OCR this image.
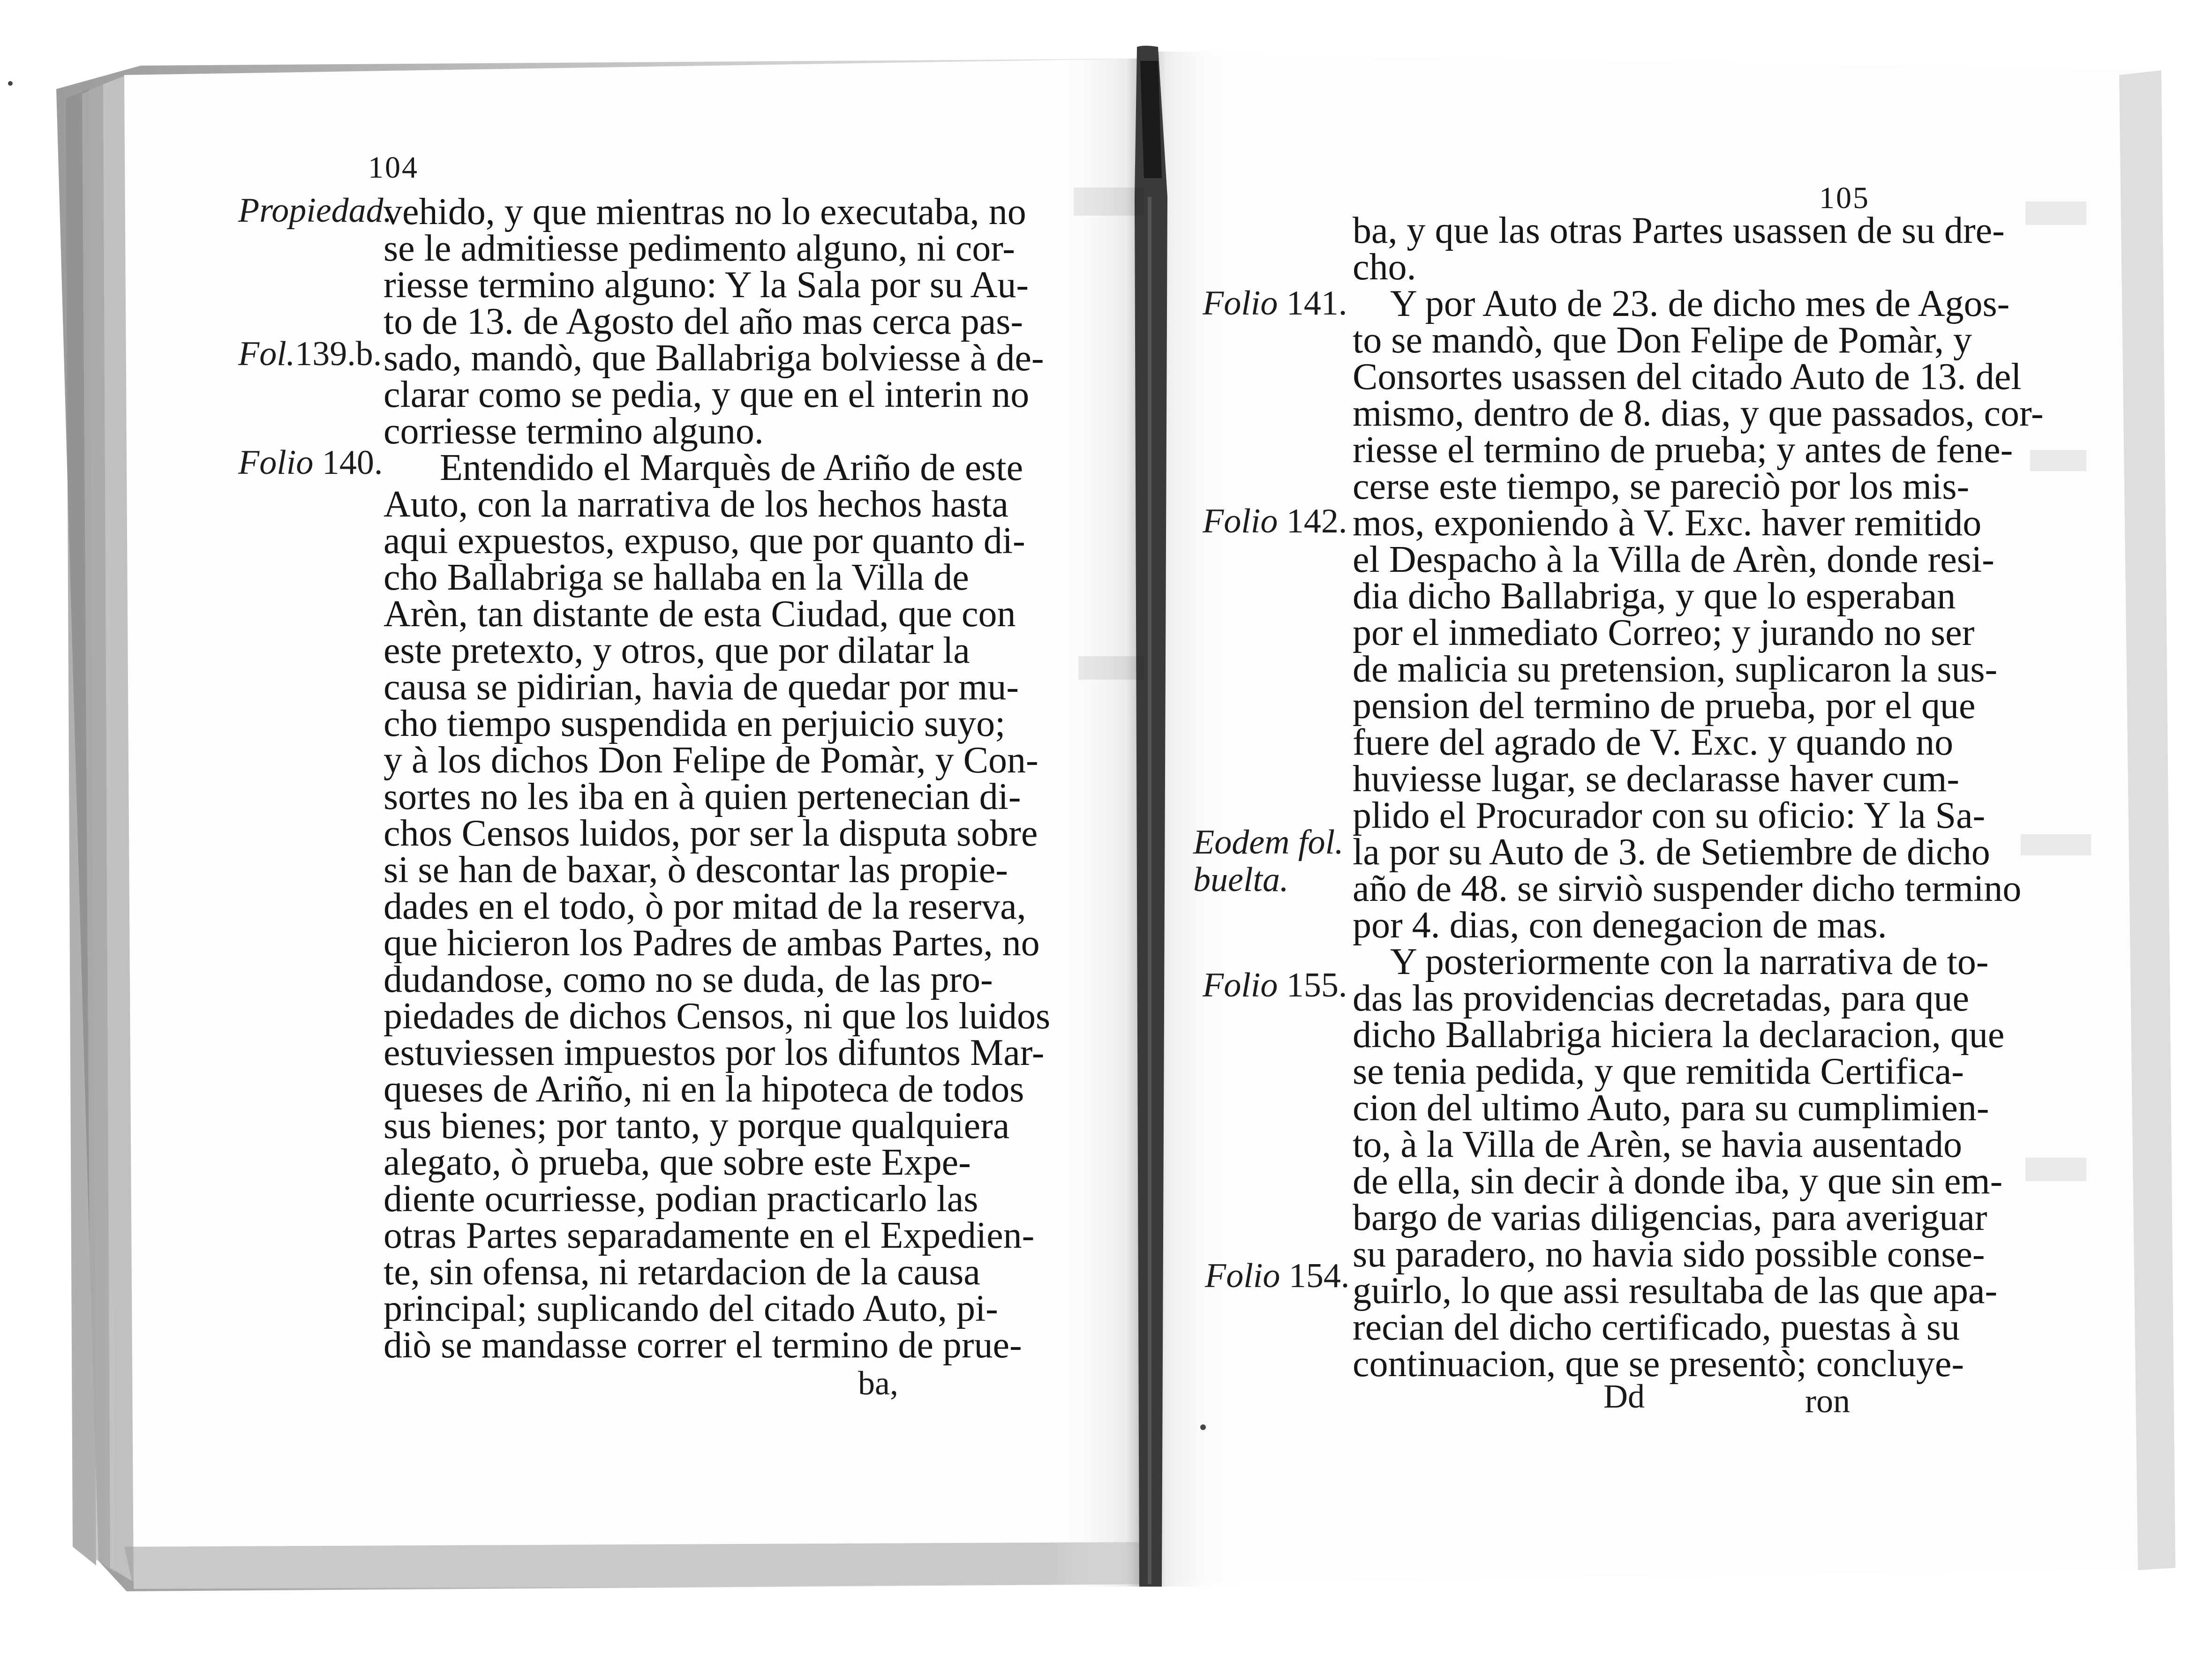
104
Propiedad.
Fol.139.b.
Folio 140.
vehido, y que mientras no lo executaba, no
se le admitiesse pedimento alguno, ni cor-
riesse termino alguno: Y la Sala por su Au-
to de 13. de Agosto del año mas cerca pas-
sado, mandò, que Ballabriga bolviesse à de-
clarar como se pedia, y que en el interin no
corriesse termino alguno.
Entendido el Marquès de Ariño de este
Auto, con la narrativa de los hechos hasta
aqui expuestos, expuso, que por quanto di-
cho Ballabriga se hallaba en la Villa de
Arèn, tan distante de esta Ciudad, que con
este pretexto, y otros, que por dilatar la
causa se pidirian, havia de quedar por mu-
cho tiempo suspendida en perjuicio suyo;
y à los dichos Don Felipe de Pomàr, y Con-
sortes no les iba en à quien pertenecian di-
chos Censos luidos, por ser la disputa sobre
si se han de baxar, ò descontar las propie-
dades en el todo, ò por mitad de la reserva,
que hicieron los Padres de ambas Partes, no
dudandose, como no se duda, de las pro-
piedades de dichos Censos, ni que los luidos
estuviessen impuestos por los difuntos Mar-
queses de Ariño, ni en la hipoteca de todos
sus bienes; por tanto, y porque qualquiera
alegato, ò prueba, que sobre este Expe-
diente ocurriesse, podian practicarlo las
otras Partes separadamente en el Expedien-
te, sin ofensa, ni retardacion de la causa
principal; suplicando del citado Auto, pi-
diò se mandasse correr el termino de prue-
ba,
105
Folio 141.
Folio 142.
Eodem fol.
buelta.
Folio 155.
Folio 154.
ba, y que las otras Partes usassen de su dre-
cho.
Y por Auto de 23. de dicho mes de Agos-
to se mandò, que Don Felipe de Pomàr, y
Consortes usassen del citado Auto de 13. del
mismo, dentro de 8. dias, y que passados, cor-
riesse el termino de prueba; y antes de fene-
cerse este tiempo, se pareciò por los mis-
mos, exponiendo à V. Exc. haver remitido
el Despacho à la Villa de Arèn, donde resi-
dia dicho Ballabriga, y que lo esperaban
por el inmediato Correo; y jurando no ser
de malicia su pretension, suplicaron la sus-
pension del termino de prueba, por el que
fuere del agrado de V. Exc. y quando no
huviesse lugar, se declarasse haver cum-
plido el Procurador con su oficio: Y la Sa-
la por su Auto de 3. de Setiembre de dicho
año de 48. se sirviò suspender dicho termino
por 4. dias, con denegacion de mas.
Y posteriormente con la narrativa de to-
das las providencias decretadas, para que
dicho Ballabriga hiciera la declaracion, que
se tenia pedida, y que remitida Certifica-
cion del ultimo Auto, para su cumplimien-
to, à la Villa de Arèn, se havia ausentado
de ella, sin decir à donde iba, y que sin em-
bargo de varias diligencias, para averiguar
su paradero, no havia sido possible conse-
guirlo, lo que assi resultaba de las que apa-
recian del dicho certificado, puestas à su
continuacion, que se presentò; concluye-
Dd	ron
